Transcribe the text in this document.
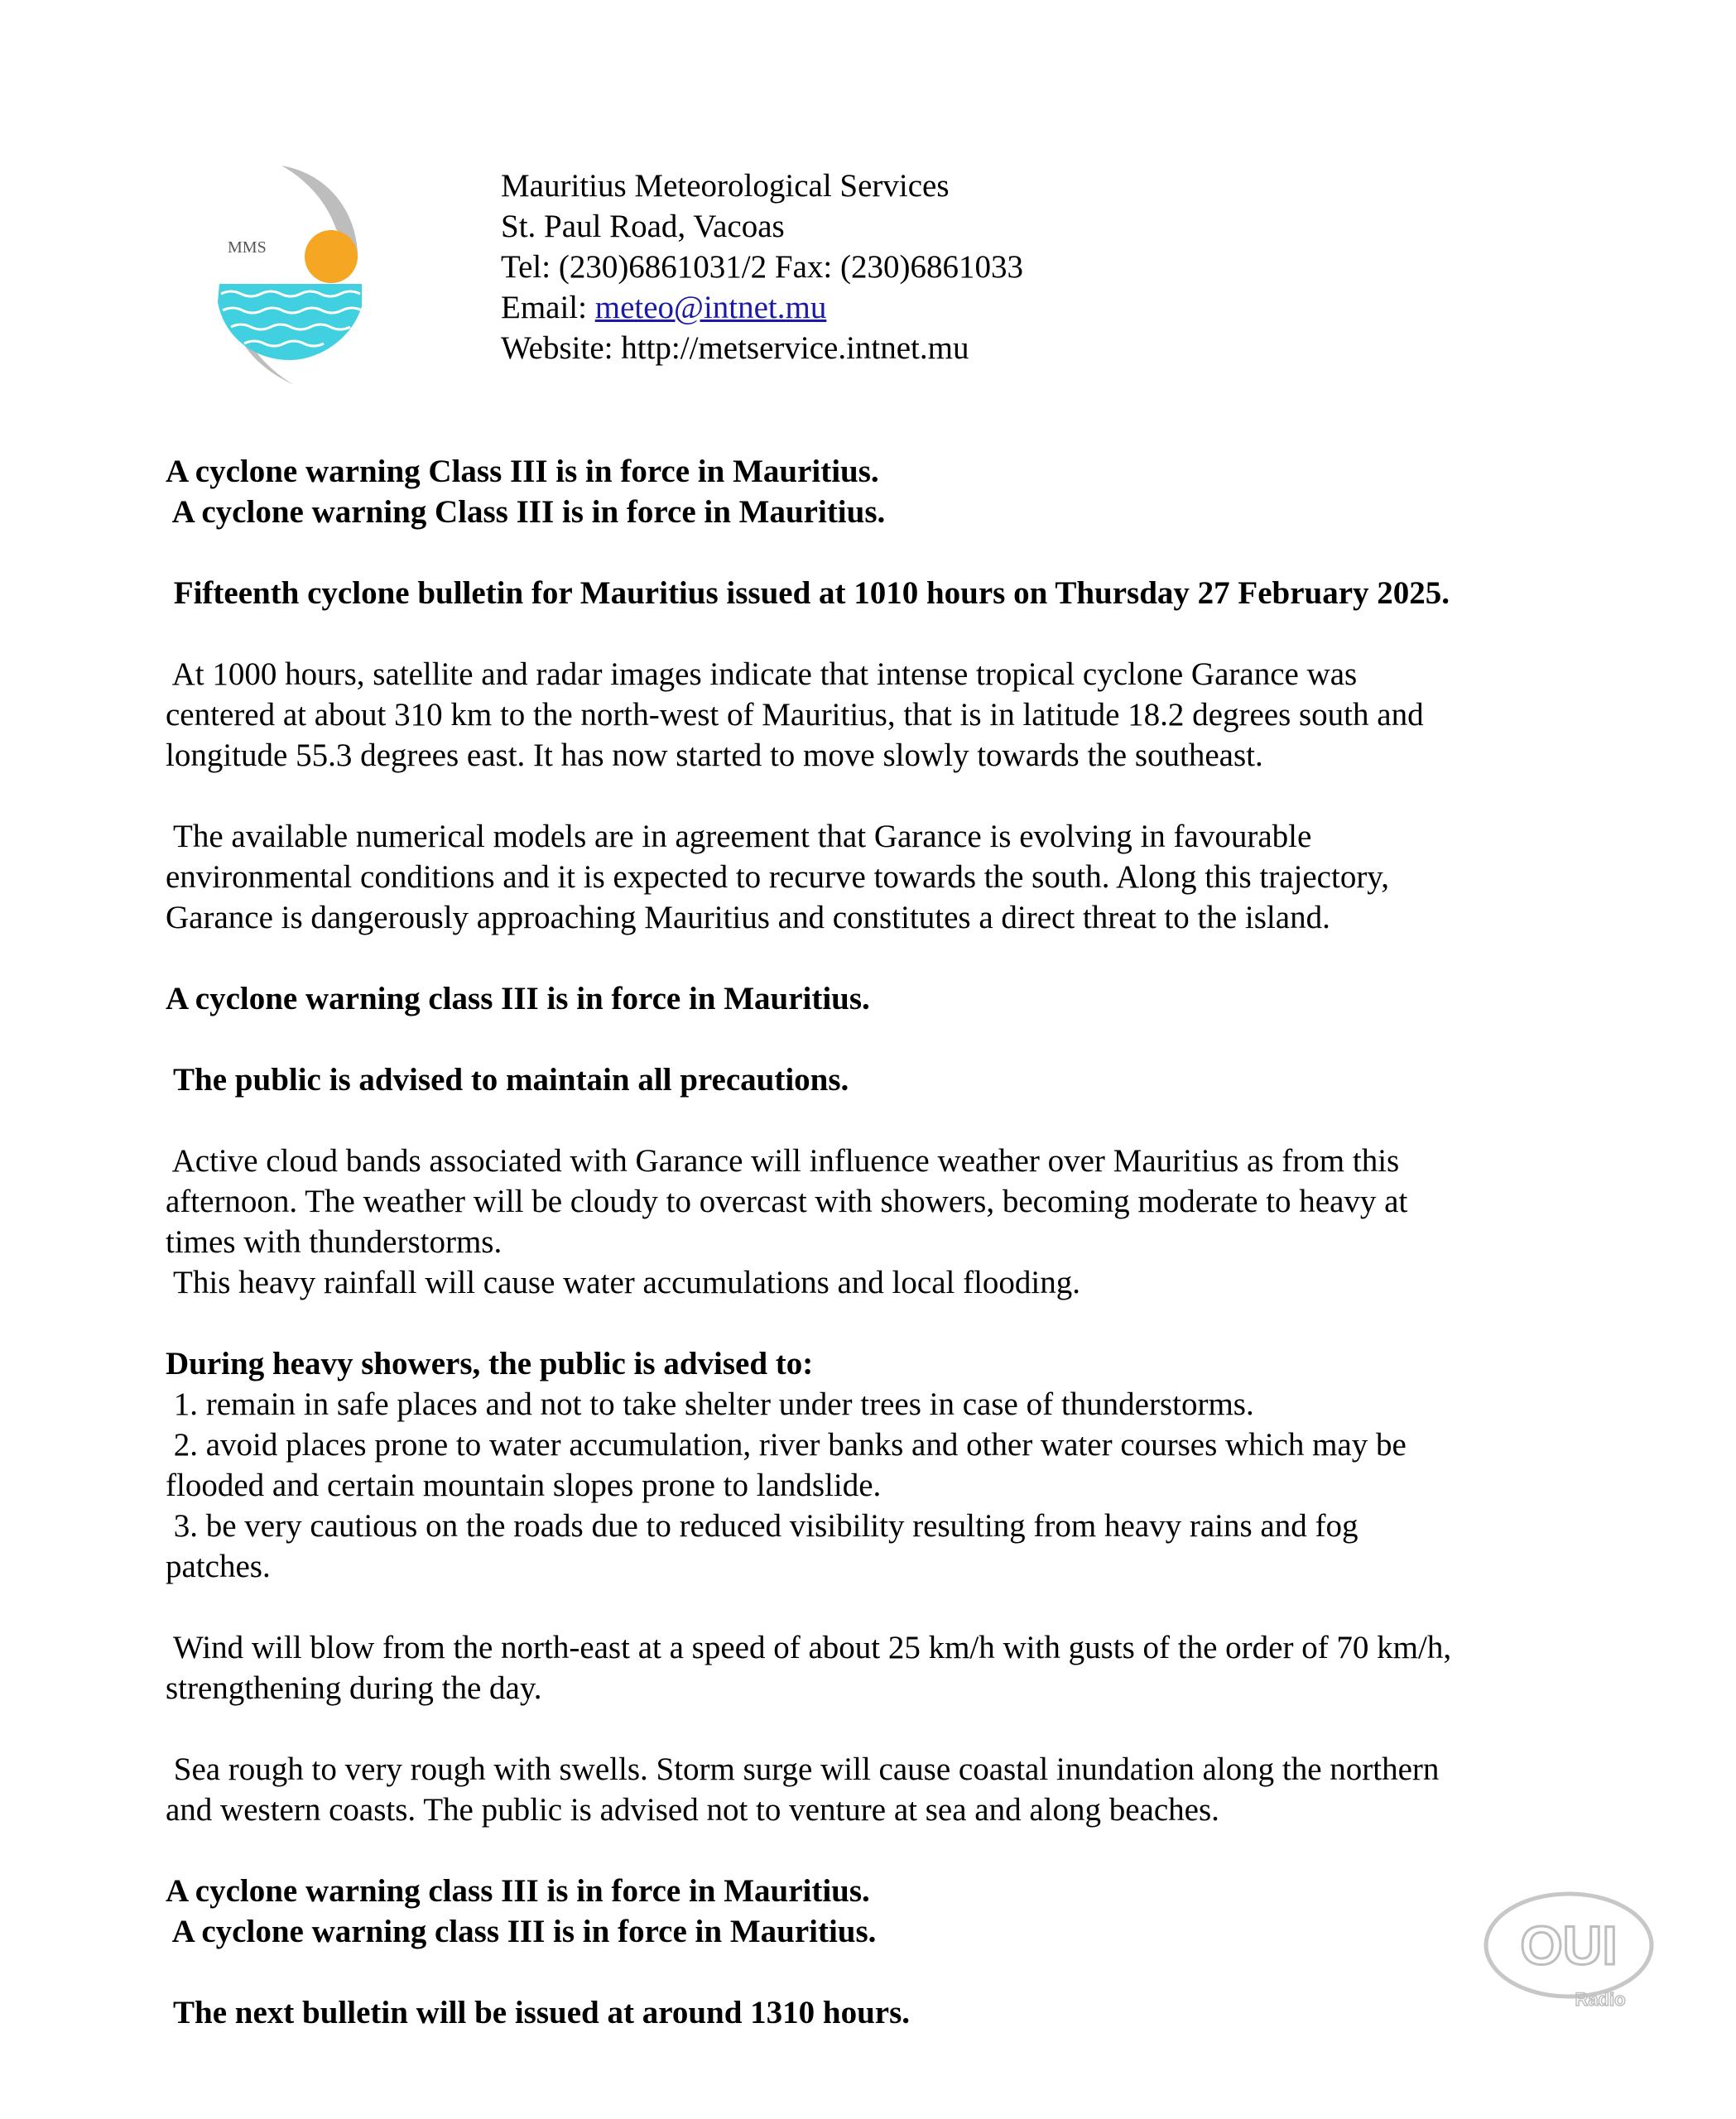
MMS
Mauritius Meteorological Services
St. Paul Road, Vacoas
Tel: (230)6861031/2 Fax: (230)6861033
Email: meteo@intnet.mu
Website: http://metservice.intnet.mu
A cyclone warning Class III is in force in Mauritius.
A cyclone warning Class III is in force in Mauritius.
Fifteenth cyclone bulletin for Mauritius issued at 1010 hours on Thursday 27 February 2025.
At 1000 hours, satellite and radar images indicate that intense tropical cyclone Garance was
centered at about 310 km to the north-west of Mauritius, that is in latitude 18.2 degrees south and
longitude 55.3 degrees east. It has now started to move slowly towards the southeast.
The available numerical models are in agreement that Garance is evolving in favourable
environmental conditions and it is expected to recurve towards the south. Along this trajectory,
Garance is dangerously approaching Mauritius and constitutes a direct threat to the island.
A cyclone warning class III is in force in Mauritius.
The public is advised to maintain all precautions.
Active cloud bands associated with Garance will influence weather over Mauritius as from this
afternoon. The weather will be cloudy to overcast with showers, becoming moderate to heavy at
times with thunderstorms.
This heavy rainfall will cause water accumulations and local flooding.
During heavy showers, the public is advised to:
1. remain in safe places and not to take shelter under trees in case of thunderstorms.
2. avoid places prone to water accumulation, river banks and other water courses which may be
flooded and certain mountain slopes prone to landslide.
3. be very cautious on the roads due to reduced visibility resulting from heavy rains and fog
patches.
Wind will blow from the north-east at a speed of about 25 km/h with gusts of the order of 70 km/h,
strengthening during the day.
Sea rough to very rough with swells. Storm surge will cause coastal inundation along the northern
and western coasts. The public is advised not to venture at sea and along beaches.
A cyclone warning class III is in force in Mauritius.
A cyclone warning class III is in force in Mauritius.
The next bulletin will be issued at around 1310 hours.
OUI
Radio
